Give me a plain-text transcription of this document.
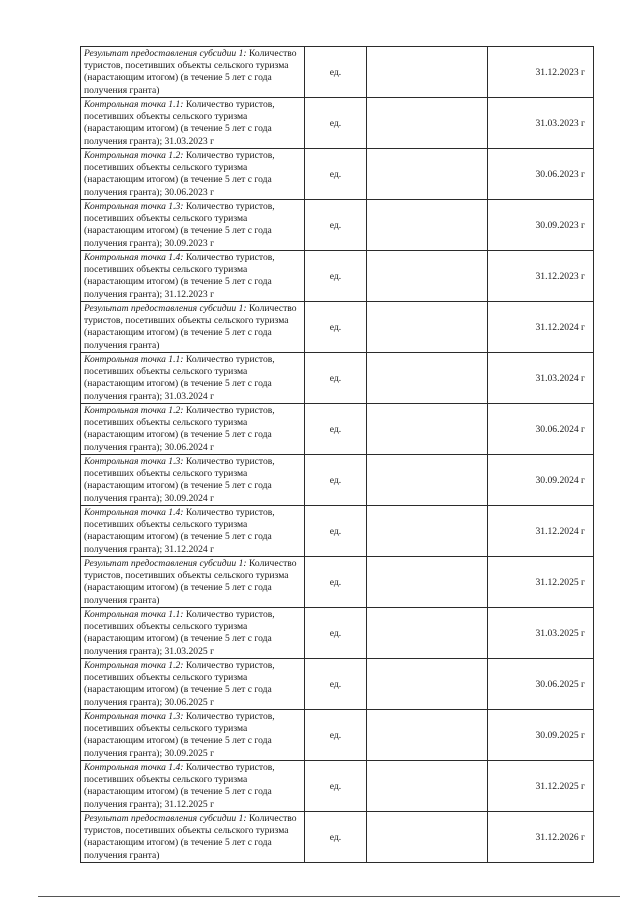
Результат предоставления субсидии 1: Количество туристов, посетивших объекты сельского туризма (нарастающим итогом) (в течение 5 лет с года получения гранта)	ед.		31.12.2023 г
Контрольная точка 1.1: Количество туристов, посетивших объекты сельского туризма (нарастающим итогом) (в течение 5 лет с года получения гранта); 31.03.2023 г	ед.		31.03.2023 г
Контрольная точка 1.2: Количество туристов, посетивших объекты сельского туризма (нарастающим итогом) (в течение 5 лет с года получения гранта); 30.06.2023 г	ед.		30.06.2023 г
Контрольная точка 1.3: Количество туристов, посетивших объекты сельского туризма (нарастающим итогом) (в течение 5 лет с года получения гранта); 30.09.2023 г	ед.		30.09.2023 г
Контрольная точка 1.4: Количество туристов, посетивших объекты сельского туризма (нарастающим итогом) (в течение 5 лет с года получения гранта); 31.12.2023 г	ед.		31.12.2023 г
Результат предоставления субсидии 1: Количество туристов, посетивших объекты сельского туризма (нарастающим итогом) (в течение 5 лет с года получения гранта)	ед.		31.12.2024 г
Контрольная точка 1.1: Количество туристов, посетивших объекты сельского туризма (нарастающим итогом) (в течение 5 лет с года получения гранта); 31.03.2024 г	ед.		31.03.2024 г
Контрольная точка 1.2: Количество туристов, посетивших объекты сельского туризма (нарастающим итогом) (в течение 5 лет с года получения гранта); 30.06.2024 г	ед.		30.06.2024 г
Контрольная точка 1.3: Количество туристов, посетивших объекты сельского туризма (нарастающим итогом) (в течение 5 лет с года получения гранта); 30.09.2024 г	ед.		30.09.2024 г
Контрольная точка 1.4: Количество туристов, посетивших объекты сельского туризма (нарастающим итогом) (в течение 5 лет с года получения гранта); 31.12.2024 г	ед.		31.12.2024 г
Результат предоставления субсидии 1: Количество туристов, посетивших объекты сельского туризма (нарастающим итогом) (в течение 5 лет с года получения гранта)	ед.		31.12.2025 г
Контрольная точка 1.1: Количество туристов, посетивших объекты сельского туризма (нарастающим итогом) (в течение 5 лет с года получения гранта); 31.03.2025 г	ед.		31.03.2025 г
Контрольная точка 1.2: Количество туристов, посетивших объекты сельского туризма (нарастающим итогом) (в течение 5 лет с года получения гранта); 30.06.2025 г	ед.		30.06.2025 г
Контрольная точка 1.3: Количество туристов, посетивших объекты сельского туризма (нарастающим итогом) (в течение 5 лет с года получения гранта); 30.09.2025 г	ед.		30.09.2025 г
Контрольная точка 1.4: Количество туристов, посетивших объекты сельского туризма (нарастающим итогом) (в течение 5 лет с года получения гранта); 31.12.2025 г	ед.		31.12.2025 г
Результат предоставления субсидии 1: Количество туристов, посетивших объекты сельского туризма (нарастающим итогом) (в течение 5 лет с года получения гранта)	ед.		31.12.2026 г
